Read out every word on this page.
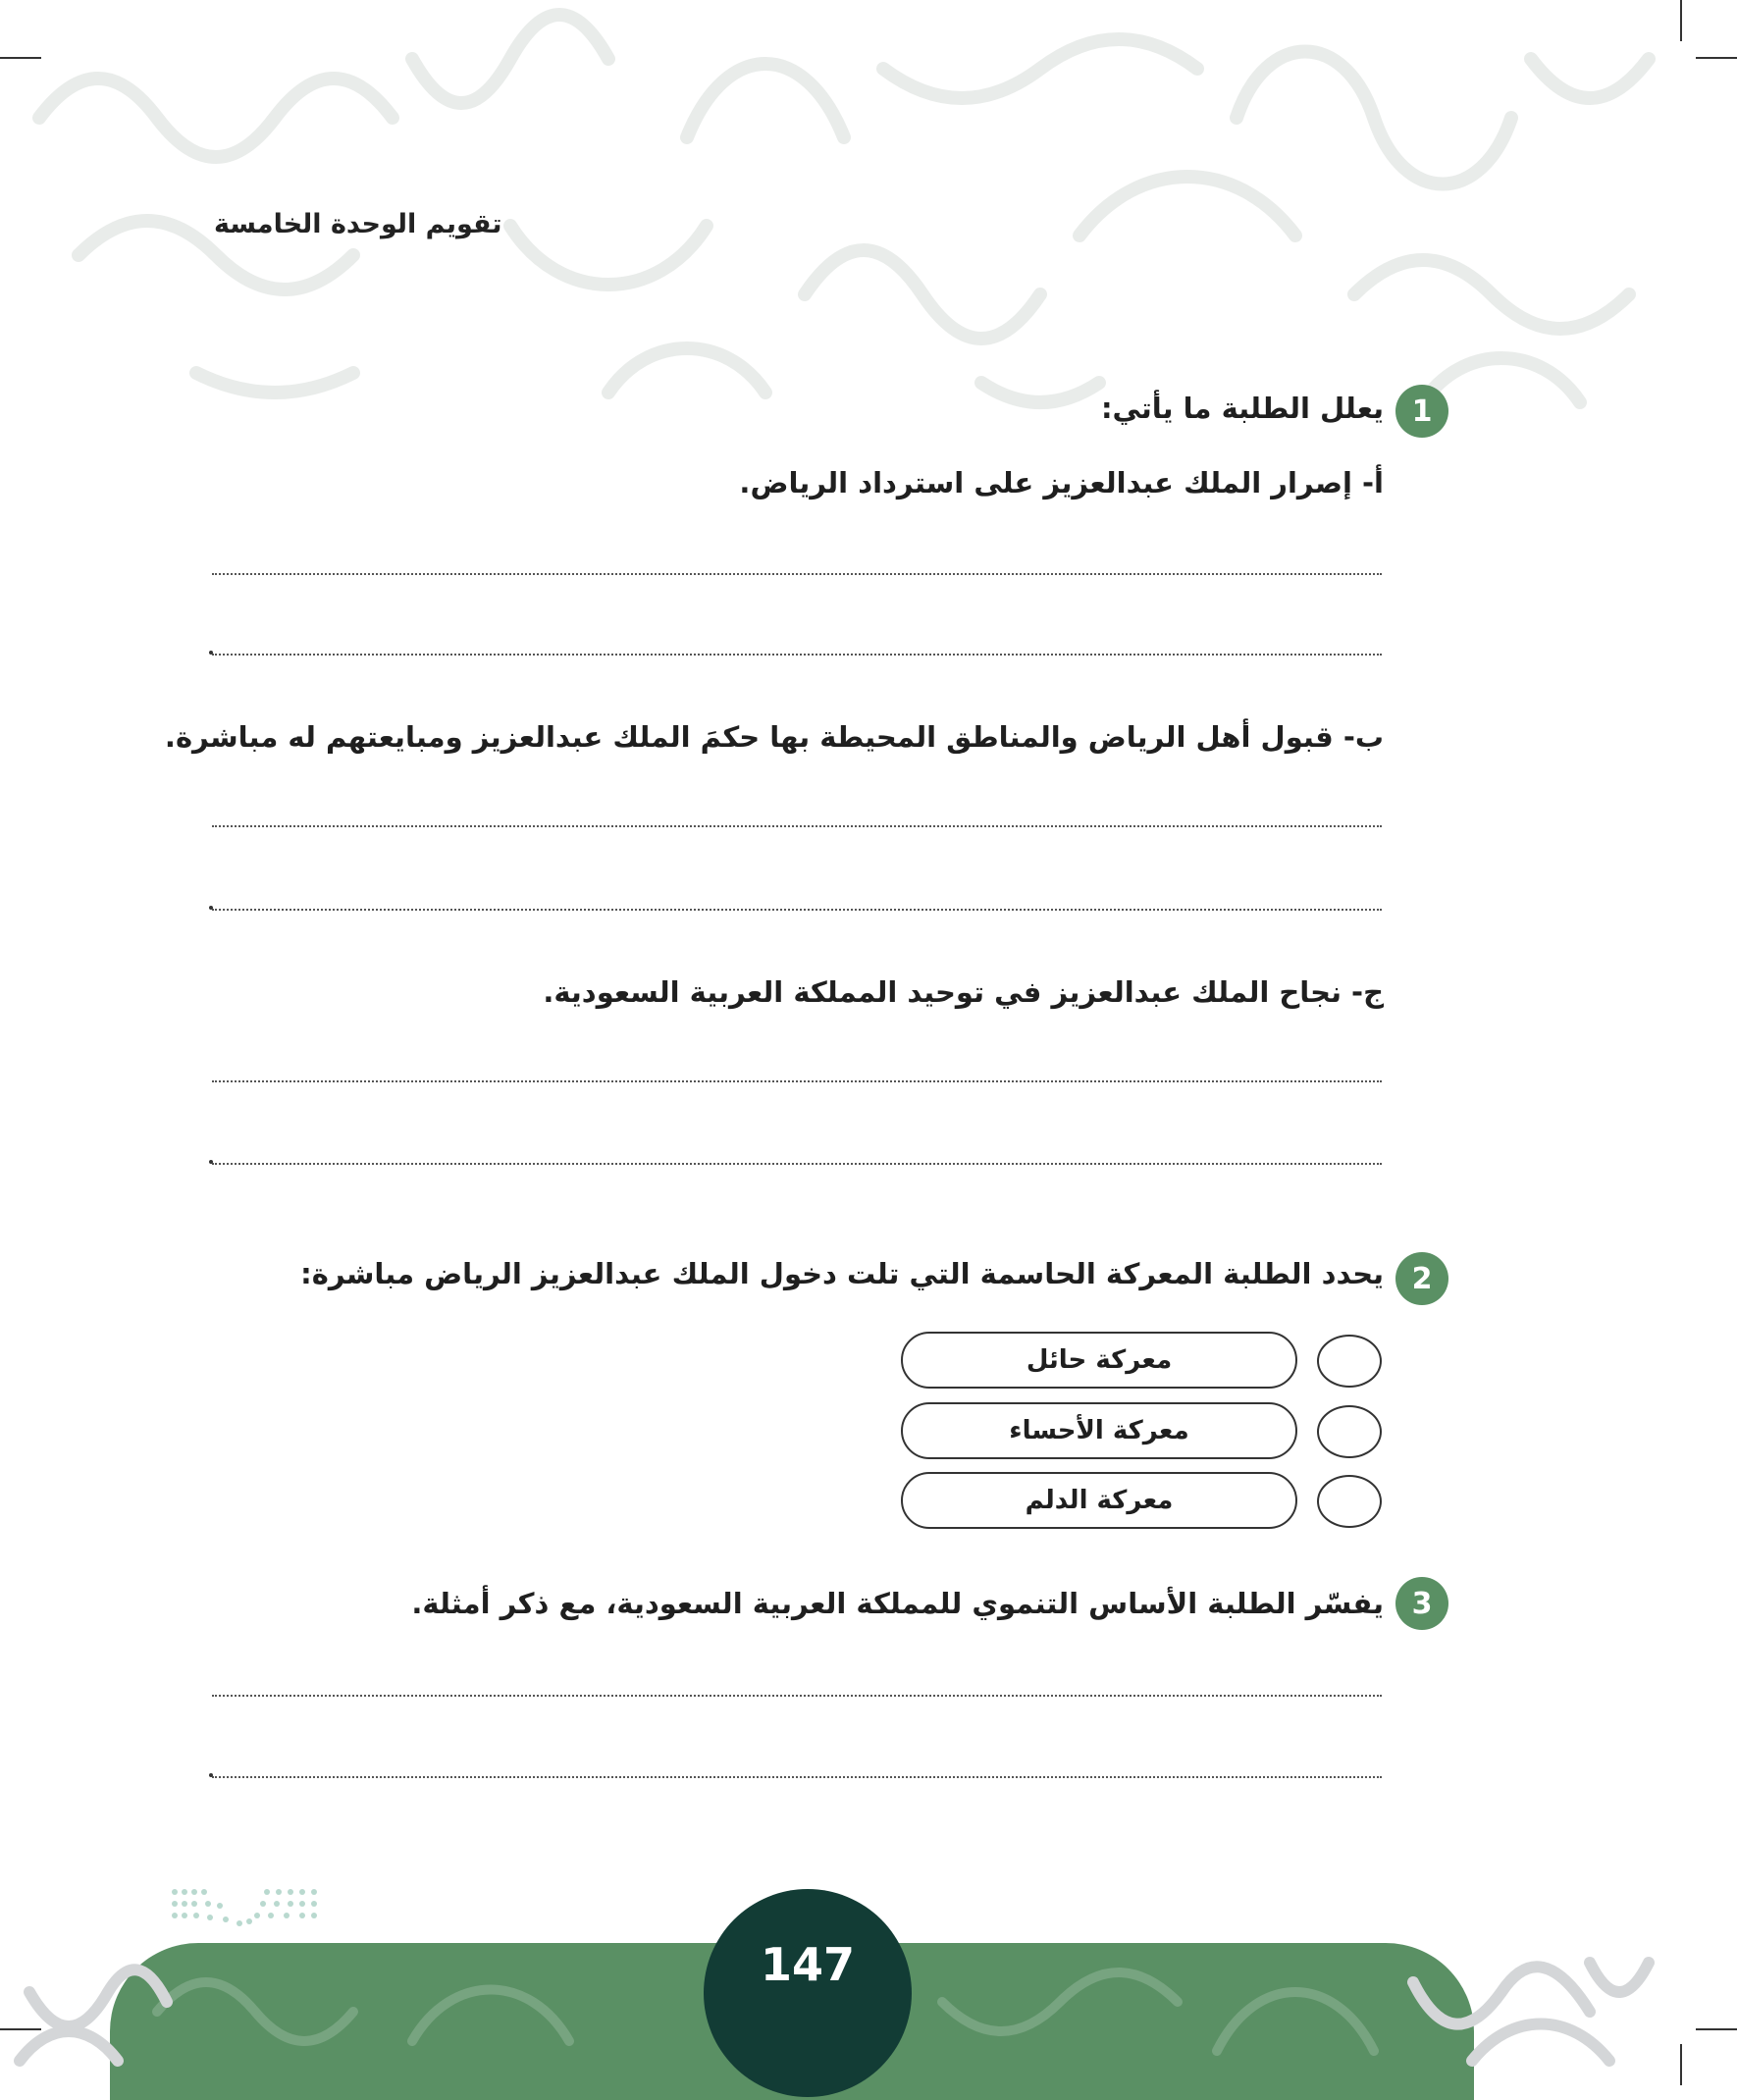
تقويم الوحدة الخامسة
1
يعلل الطلبة ما يأتي:
أ- إصرار الملك عبدالعزيز على استرداد الرياض.
ب- قبول أهل الرياض والمناطق المحيطة بها حكمَ الملك عبدالعزيز ومبايعتهم له مباشرة.
ج- نجاح الملك عبدالعزيز في توحيد المملكة العربية السعودية.
2
يحدد الطلبة المعركة الحاسمة التي تلت دخول الملك عبدالعزيز الرياض مباشرة:
معركة حائل
معركة الأحساء
معركة الدلم
3
يفسّر الطلبة الأساس التنموي للمملكة العربية السعودية، مع ذكر أمثلة.
147
